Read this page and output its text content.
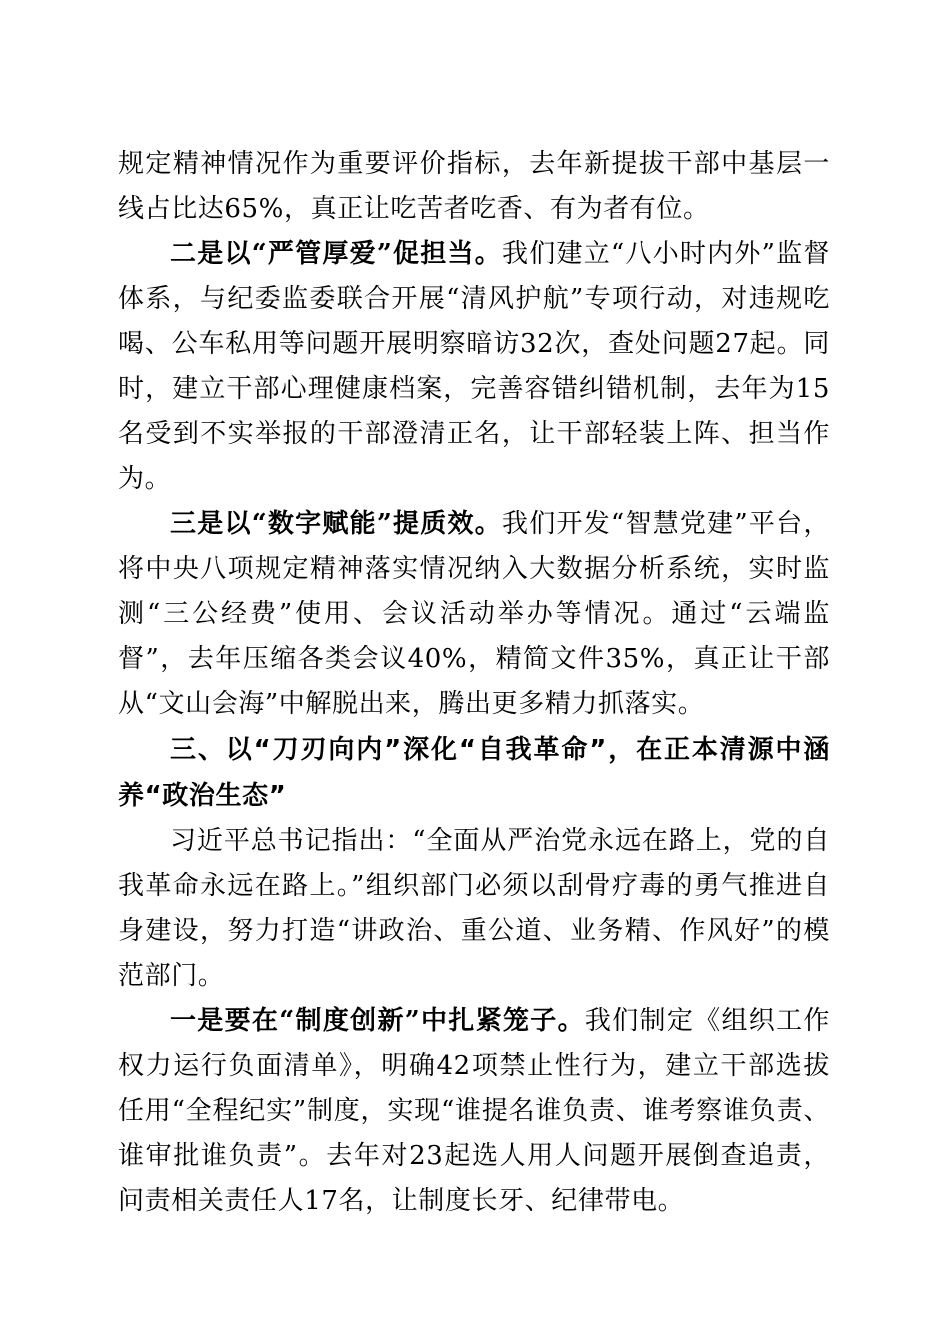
规定精神情况作为重要评价指标，去年新提拔干部中基层一线占比达65%，真正让吃苦者吃香、有为者有位。

二是以“严管厚爱”促担当。我们建立“八小时内外”监督体系，与纪委监委联合开展“清风护航”专项行动，对违规吃喝、公车私用等问题开展明察暗访32次，查处问题27起。同时，建立干部心理健康档案，完善容错纠错机制，去年为15名受到不实举报的干部澄清正名，让干部轻装上阵、担当作为。

三是以“数字赋能”提质效。我们开发“智慧党建”平台，将中央八项规定精神落实情况纳入大数据分析系统，实时监测“三公经费”使用、会议活动举办等情况。通过“云端监督”，去年压缩各类会议40%，精简文件35%，真正让干部从“文山会海”中解脱出来，腾出更多精力抓落实。

三、以“刀刃向内”深化“自我革命”，在正本清源中涵养“政治生态”

习近平总书记指出：“全面从严治党永远在路上，党的自我革命永远在路上。”组织部门必须以刮骨疗毒的勇气推进自身建设，努力打造“讲政治、重公道、业务精、作风好”的模范部门。

一是要在“制度创新”中扎紧笼子。我们制定《组织工作权力运行负面清单》，明确42项禁止性行为，建立干部选拔任用“全程纪实”制度，实现“谁提名谁负责、谁考察谁负责、谁审批谁负责”。去年对23起选人用人问题开展倒查追责，问责相关责任人17名，让制度长牙、纪律带电。
